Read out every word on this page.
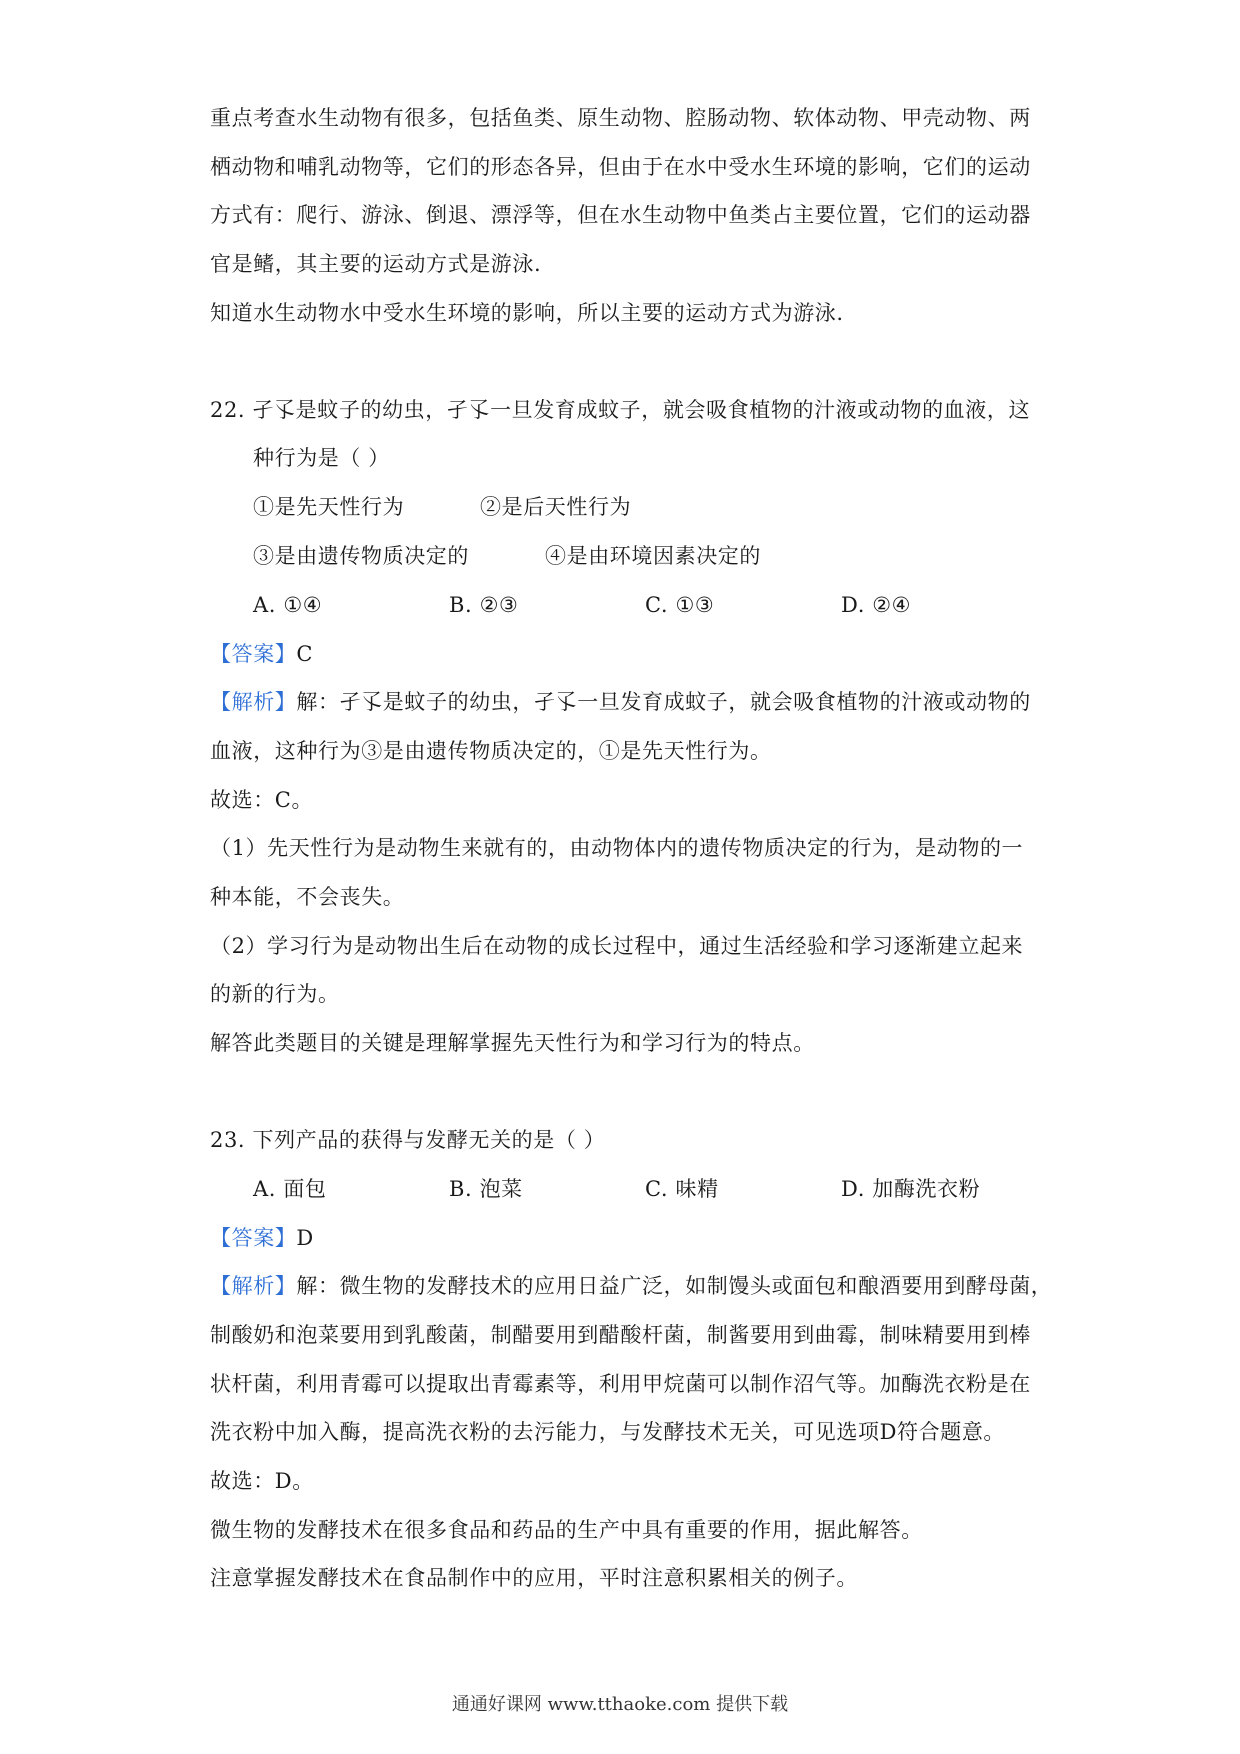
重点考查水生动物有很多，包括鱼类、原生动物、腔肠动物、软体动物、甲壳动物、两
栖动物和哺乳动物等，它们的形态各异，但由于在水中受水生环境的影响，它们的运动
方式有：爬行、游泳、倒退、漂浮等，但在水生动物中鱼类占主要位置，它们的运动器
官是鳍，其主要的运动方式是游泳.
知道水生动物水中受水生环境的影响，所以主要的运动方式为游泳.
22. 孑孓是蚊子的幼虫，孑孓一旦发育成蚊子，就会吸食植物的汁液或动物的血液，这
种行为是（ ）
①是先天性行为	②是后天性行为
③是由遗传物质决定的	④是由环境因素决定的
A. ①④	B. ②③	C. ①③	D. ②④
【答案】C
【解析】解：孑孓是蚊子的幼虫，孑孓一旦发育成蚊子，就会吸食植物的汁液或动物的
血液，这种行为③是由遗传物质决定的，①是先天性行为。
故选：C。
（1）先天性行为是动物生来就有的，由动物体内的遗传物质决定的行为，是动物的一
种本能，不会丧失。
（2）学习行为是动物出生后在动物的成长过程中，通过生活经验和学习逐渐建立起来
的新的行为。
解答此类题目的关键是理解掌握先天性行为和学习行为的特点。
23. 下列产品的获得与发酵无关的是（ ）
A. 面包	B. 泡菜	C. 味精	D. 加酶洗衣粉
【答案】D
【解析】解：微生物的发酵技术的应用日益广泛，如制馒头或面包和酿酒要用到酵母菌，
制酸奶和泡菜要用到乳酸菌，制醋要用到醋酸杆菌，制酱要用到曲霉，制味精要用到棒
状杆菌，利用青霉可以提取出青霉素等，利用甲烷菌可以制作沼气等。加酶洗衣粉是在
洗衣粉中加入酶，提高洗衣粉的去污能力，与发酵技术无关，可见选项D符合题意。
故选：D。
微生物的发酵技术在很多食品和药品的生产中具有重要的作用，据此解答。
注意掌握发酵技术在食品制作中的应用，平时注意积累相关的例子。
通通好课网 www.tthaoke.com 提供下载
